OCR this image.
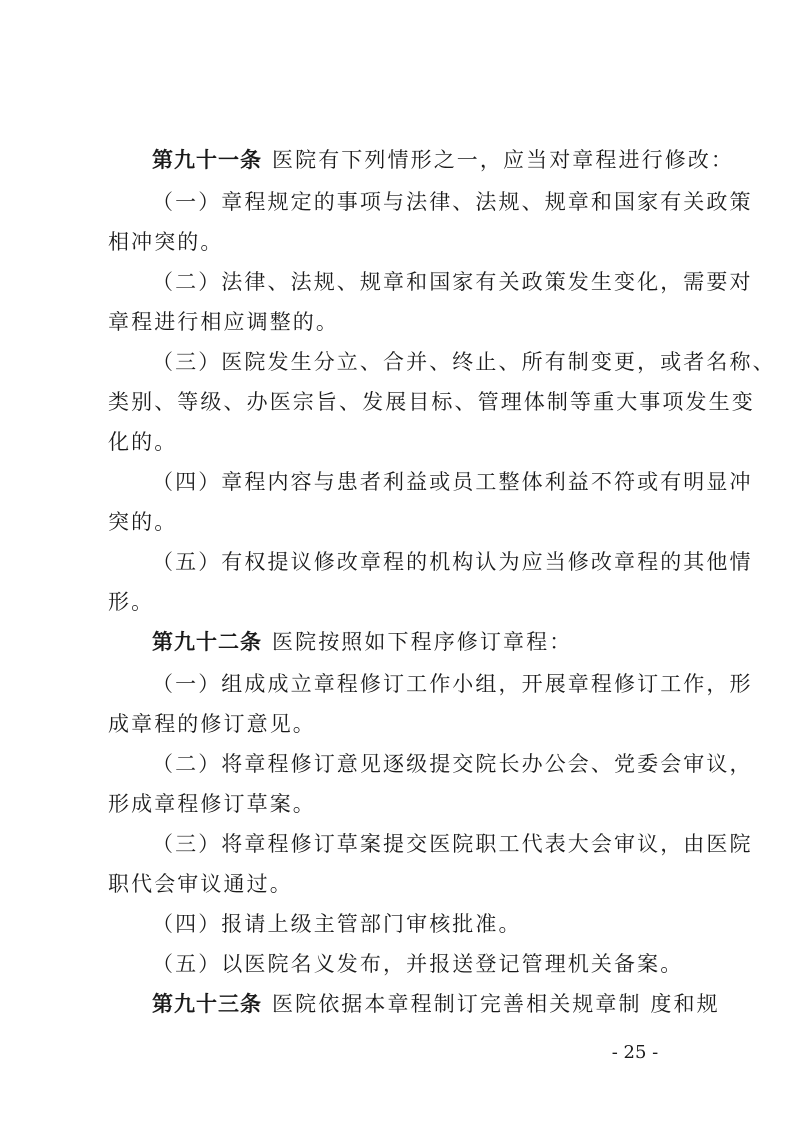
第九十一条 医院有下列情形之一，应当对章程进行修改：
（一）章程规定的事项与法律、法规、规章和国家有关政策
相冲突的。
（二）法律、法规、规章和国家有关政策发生变化，需要对
章程进行相应调整的。
（三）医院发生分立、合并、终止、所有制变更，或者名称、
类别、等级、办医宗旨、发展目标、管理体制等重大事项发生变
化的。
（四）章程内容与患者利益或员工整体利益不符或有明显冲
突的。
（五）有权提议修改章程的机构认为应当修改章程的其他情
形。
第九十二条 医院按照如下程序修订章程：
（一）组成成立章程修订工作小组，开展章程修订工作，形
成章程的修订意见。
（二）将章程修订意见逐级提交院长办公会、党委会审议，
形成章程修订草案。
（三）将章程修订草案提交医院职工代表大会审议，由医院
职代会审议通过。
（四）报请上级主管部门审核批准。
（五）以医院名义发布，并报送登记管理机关备案。
第九十三条 医院依据本章程制订完善相关规章制 度和规
- 25 -
